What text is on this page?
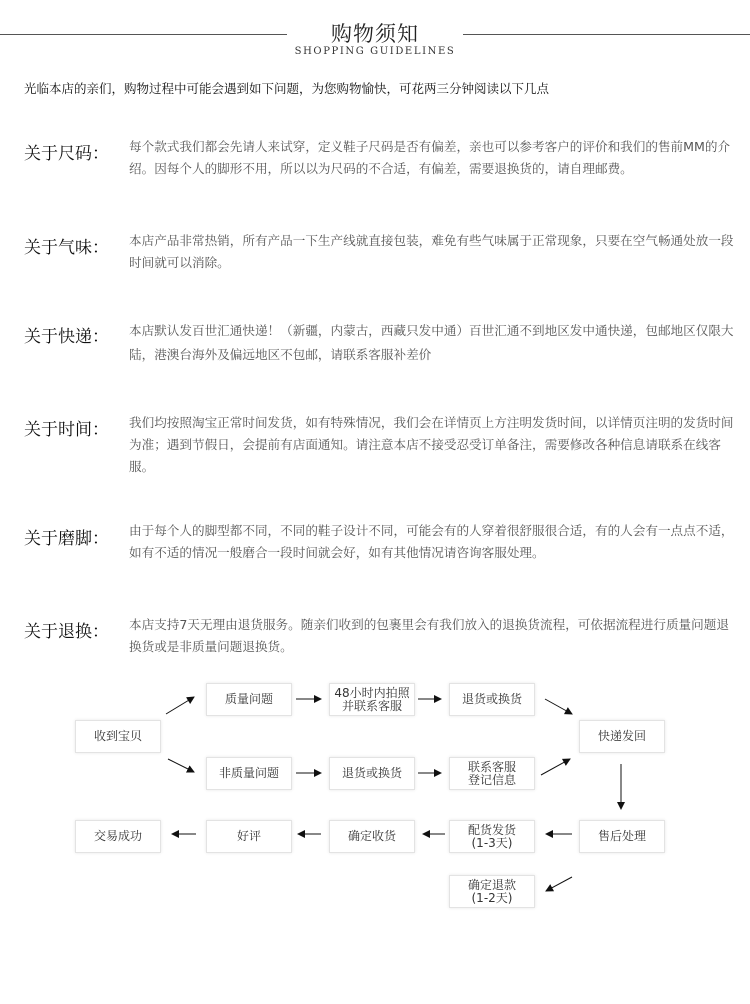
购物须知
SHOPPING GUIDELINES
光临本店的亲们，购物过程中可能会遇到如下问题，为您购物愉快，可花两三分钟阅读以下几点
关于尺码： 每个款式我们都会先请人来试穿，定义鞋子尺码是否有偏差，亲也可以参考客户的评价和我们的售前MM的介绍。因每个人的脚形不用，所以以为尺码的不合适，有偏差，需要退换货的，请自理邮费。
关于气味： 本店产品非常热销，所有产品一下生产线就直接包装，难免有些气味属于正常现象，只要在空气畅通处放一段时间就可以消除。
关于快递： 本店默认发百世汇通快递！（新疆，内蒙古，西藏只发中通）百世汇通不到地区发中通快递，包邮地区仅限大陆，港澳台海外及偏远地区不包邮，请联系客服补差价
关于时间： 我们均按照淘宝正常时间发货，如有特殊情况，我们会在详情页上方注明发货时间，以详情页注明的发货时间为准；遇到节假日，会提前有店面通知。请注意本店不接受忍受订单备注，需要修改各种信息请联系在线客服。
关于磨脚： 由于每个人的脚型都不同，不同的鞋子设计不同，可能会有的人穿着很舒服很合适，有的人会有一点点不适，如有不适的情况一般磨合一段时间就会好，如有其他情况请咨询客服处理。
关于退换： 本店支持7天无理由退货服务。随亲们收到的包裹里会有我们放入的退换货流程，可依据流程进行质量问题退换货或是非质量问题退换货。
收到宝贝
质量问题	48小时内拍照
并联系客服	退货或换货
快递发回
非质量问题	退货或换货	联系客服
登记信息
售后处理
配货发货
(1-3天)
确定收货
好评
交易成功
确定退款
(1-2天)
